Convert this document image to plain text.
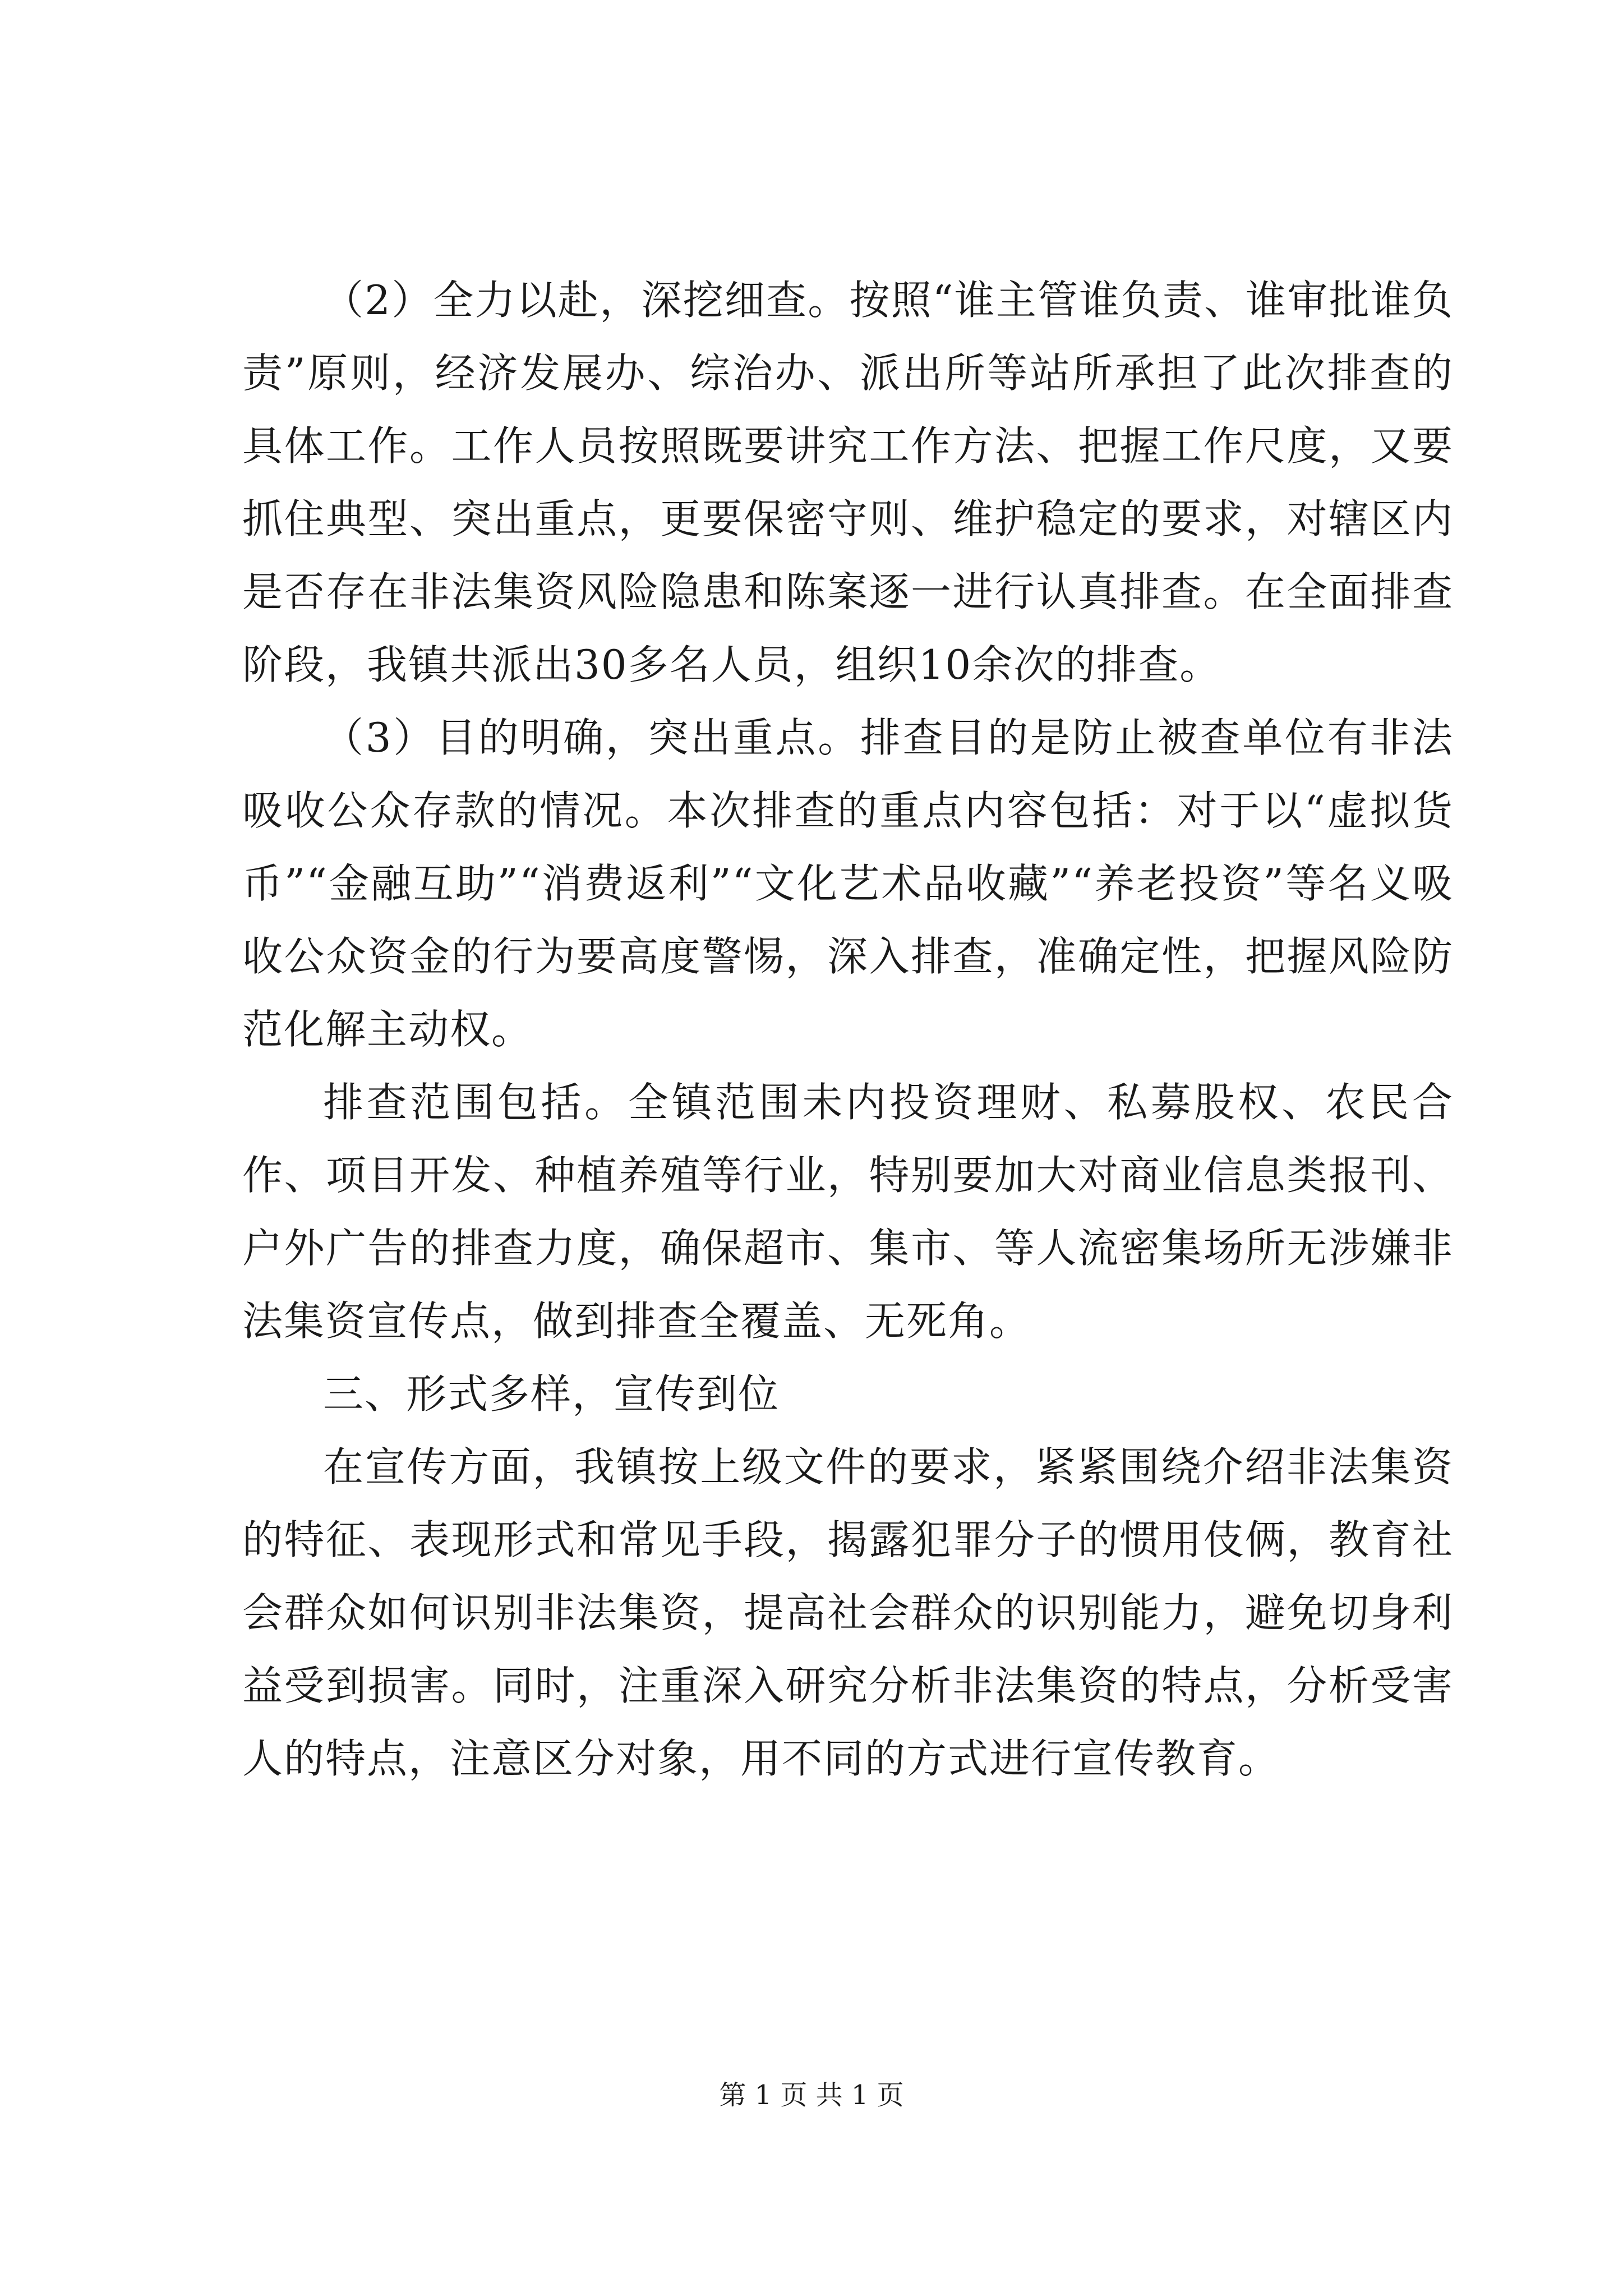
（2）全力以赴，深挖细查。按照“谁主管谁负责、谁审批谁负责”原则，经济发展办、综治办、派出所等站所承担了此次排查的具体工作。工作人员按照既要讲究工作方法、把握工作尺度，又要抓住典型、突出重点，更要保密守则、维护稳定的要求，对辖区内是否存在非法集资风险隐患和陈案逐一进行认真排查。在全面排查阶段，我镇共派出30多名人员，组织10余次的排查。

（3）目的明确，突出重点。排查目的是防止被查单位有非法吸收公众存款的情况。本次排查的重点内容包括：对于以“虚拟货币”“金融互助”“消费返利”“文化艺术品收藏”“养老投资”等名义吸收公众资金的行为要高度警惕，深入排查，准确定性，把握风险防范化解主动权。

排查范围包括。全镇范围未内投资理财、私募股权、农民合作、项目开发、种植养殖等行业，特别要加大对商业信息类报刊、户外广告的排查力度，确保超市、集市、等人流密集场所无涉嫌非法集资宣传点，做到排查全覆盖、无死角。

三、形式多样，宣传到位

在宣传方面，我镇按上级文件的要求，紧紧围绕介绍非法集资的特征、表现形式和常见手段，揭露犯罪分子的惯用伎俩，教育社会群众如何识别非法集资，提高社会群众的识别能力，避免切身利益受到损害。同时，注重深入研究分析非法集资的特点，分析受害人的特点，注意区分对象，用不同的方式进行宣传教育。

第 1 页 共 1 页
